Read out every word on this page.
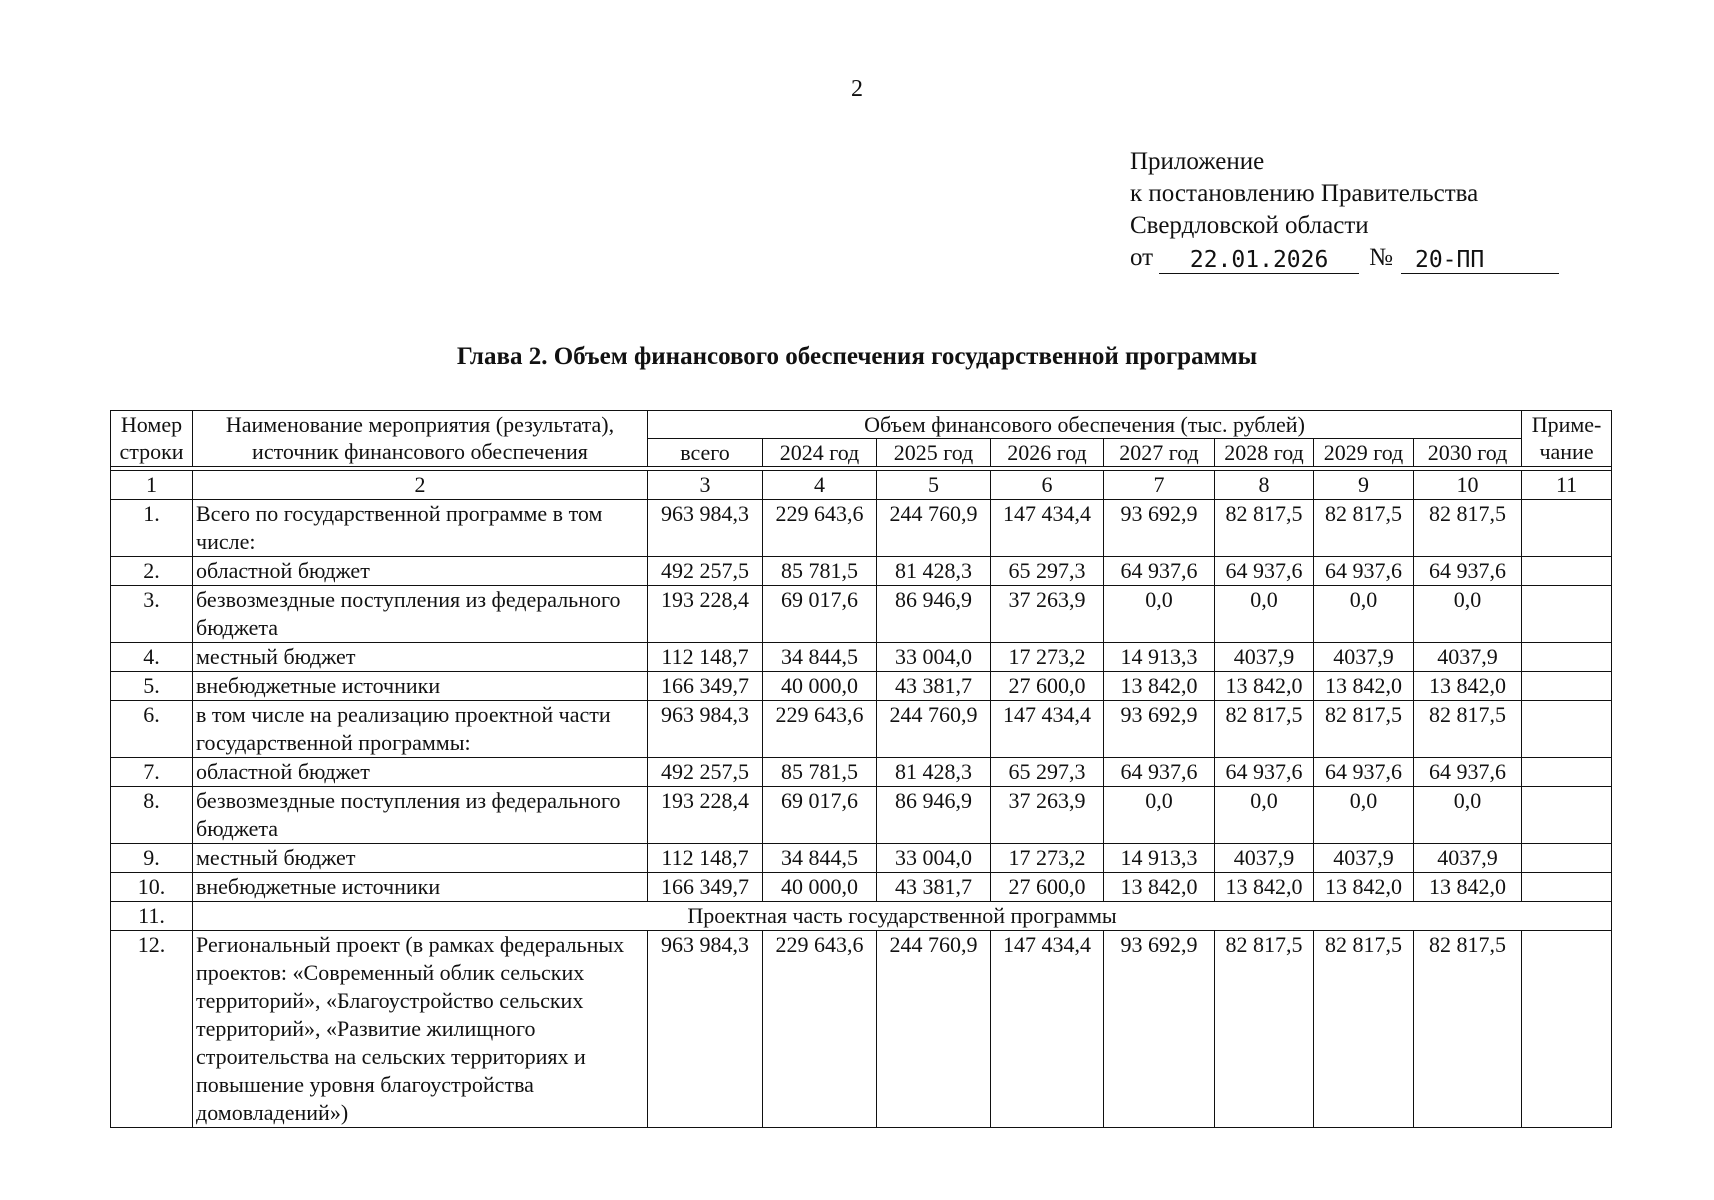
2
Приложение
к постановлению Правительства
Свердловской области
от	22.01.2026	№ 20-ПП
Глава 2. Объем финансового обеспечения государственной программы
Номер строки	Наименование мероприятия (результата), источник финансового обеспечения	Объем финансового обеспечения (тыс. рублей)								Приме-чание
		всего	2024 год	2025 год	2026 год	2027 год	2028 год	2029 год	2030 год	

1	2	3	4	5	6	7	8	9	10	11
1.	Всего по государственной программе в том числе:	963 984,3	229 643,6	244 760,9	147 434,4	93 692,9	82 817,5	82 817,5	82 817,5	
2.	областной бюджет	492 257,5	85 781,5	81 428,3	65 297,3	64 937,6	64 937,6	64 937,6	64 937,6	
3.	безвозмездные поступления из федерального бюджета	193 228,4	69 017,6	86 946,9	37 263,9	0,0	0,0	0,0	0,0	
4.	местный бюджет	112 148,7	34 844,5	33 004,0	17 273,2	14 913,3	4037,9	4037,9	4037,9	
5.	внебюджетные источники	166 349,7	40 000,0	43 381,7	27 600,0	13 842,0	13 842,0	13 842,0	13 842,0	
6.	в том числе на реализацию проектной части государственной программы:	963 984,3	229 643,6	244 760,9	147 434,4	93 692,9	82 817,5	82 817,5	82 817,5	
7.	областной бюджет	492 257,5	85 781,5	81 428,3	65 297,3	64 937,6	64 937,6	64 937,6	64 937,6	
8.	безвозмездные поступления из федерального бюджета	193 228,4	69 017,6	86 946,9	37 263,9	0,0	0,0	0,0	0,0	
9.	местный бюджет	112 148,7	34 844,5	33 004,0	17 273,2	14 913,3	4037,9	4037,9	4037,9	
10.	внебюджетные источники	166 349,7	40 000,0	43 381,7	27 600,0	13 842,0	13 842,0	13 842,0	13 842,0	
11.	Проектная часть государственной программы									
12.	Региональный проект (в рамках федеральных проектов: «Современный облик сельских территорий», «Благоустройство сельских территорий», «Развитие жилищного строительства на сельских территориях и повышение уровня благоустройства домовладений»)	963 984,3	229 643,6	244 760,9	147 434,4	93 692,9	82 817,5	82 817,5	82 817,5	
